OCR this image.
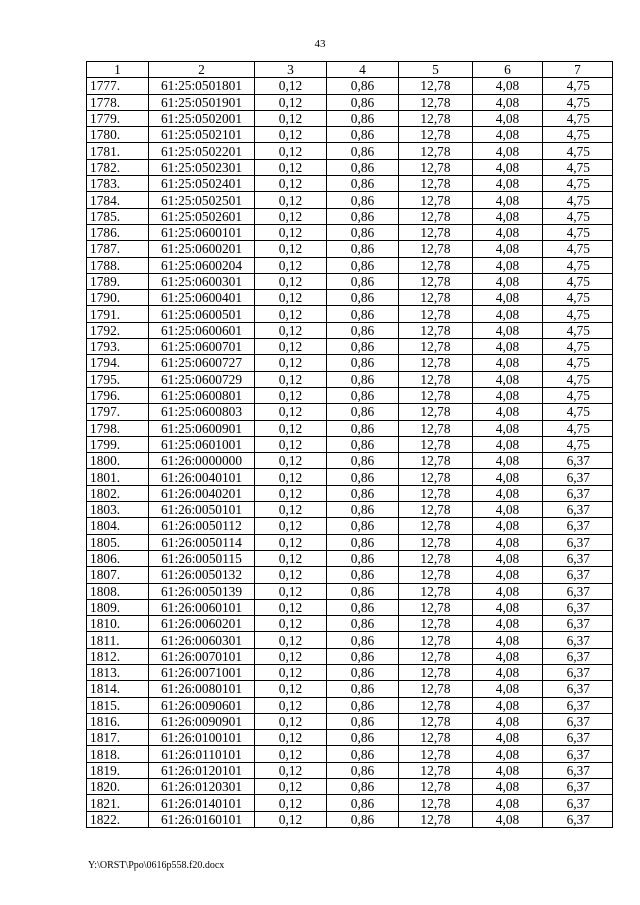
43
1	2	3	4	5	6	7
1777.	61:25:0501801	0,12	0,86	12,78	4,08	4,75
1778.	61:25:0501901	0,12	0,86	12,78	4,08	4,75
1779.	61:25:0502001	0,12	0,86	12,78	4,08	4,75
1780.	61:25:0502101	0,12	0,86	12,78	4,08	4,75
1781.	61:25:0502201	0,12	0,86	12,78	4,08	4,75
1782.	61:25:0502301	0,12	0,86	12,78	4,08	4,75
1783.	61:25:0502401	0,12	0,86	12,78	4,08	4,75
1784.	61:25:0502501	0,12	0,86	12,78	4,08	4,75
1785.	61:25:0502601	0,12	0,86	12,78	4,08	4,75
1786.	61:25:0600101	0,12	0,86	12,78	4,08	4,75
1787.	61:25:0600201	0,12	0,86	12,78	4,08	4,75
1788.	61:25:0600204	0,12	0,86	12,78	4,08	4,75
1789.	61:25:0600301	0,12	0,86	12,78	4,08	4,75
1790.	61:25:0600401	0,12	0,86	12,78	4,08	4,75
1791.	61:25:0600501	0,12	0,86	12,78	4,08	4,75
1792.	61:25:0600601	0,12	0,86	12,78	4,08	4,75
1793.	61:25:0600701	0,12	0,86	12,78	4,08	4,75
1794.	61:25:0600727	0,12	0,86	12,78	4,08	4,75
1795.	61:25:0600729	0,12	0,86	12,78	4,08	4,75
1796.	61:25:0600801	0,12	0,86	12,78	4,08	4,75
1797.	61:25:0600803	0,12	0,86	12,78	4,08	4,75
1798.	61:25:0600901	0,12	0,86	12,78	4,08	4,75
1799.	61:25:0601001	0,12	0,86	12,78	4,08	4,75
1800.	61:26:0000000	0,12	0,86	12,78	4,08	6,37
1801.	61:26:0040101	0,12	0,86	12,78	4,08	6,37
1802.	61:26:0040201	0,12	0,86	12,78	4,08	6,37
1803.	61:26:0050101	0,12	0,86	12,78	4,08	6,37
1804.	61:26:0050112	0,12	0,86	12,78	4,08	6,37
1805.	61:26:0050114	0,12	0,86	12,78	4,08	6,37
1806.	61:26:0050115	0,12	0,86	12,78	4,08	6,37
1807.	61:26:0050132	0,12	0,86	12,78	4,08	6,37
1808.	61:26:0050139	0,12	0,86	12,78	4,08	6,37
1809.	61:26:0060101	0,12	0,86	12,78	4,08	6,37
1810.	61:26:0060201	0,12	0,86	12,78	4,08	6,37
1811.	61:26:0060301	0,12	0,86	12,78	4,08	6,37
1812.	61:26:0070101	0,12	0,86	12,78	4,08	6,37
1813.	61:26:0071001	0,12	0,86	12,78	4,08	6,37
1814.	61:26:0080101	0,12	0,86	12,78	4,08	6,37
1815.	61:26:0090601	0,12	0,86	12,78	4,08	6,37
1816.	61:26:0090901	0,12	0,86	12,78	4,08	6,37
1817.	61:26:0100101	0,12	0,86	12,78	4,08	6,37
1818.	61:26:0110101	0,12	0,86	12,78	4,08	6,37
1819.	61:26:0120101	0,12	0,86	12,78	4,08	6,37
1820.	61:26:0120301	0,12	0,86	12,78	4,08	6,37
1821.	61:26:0140101	0,12	0,86	12,78	4,08	6,37
1822.	61:26:0160101	0,12	0,86	12,78	4,08	6,37
Y:\ORST\Ppo\0616p558.f20.docx
